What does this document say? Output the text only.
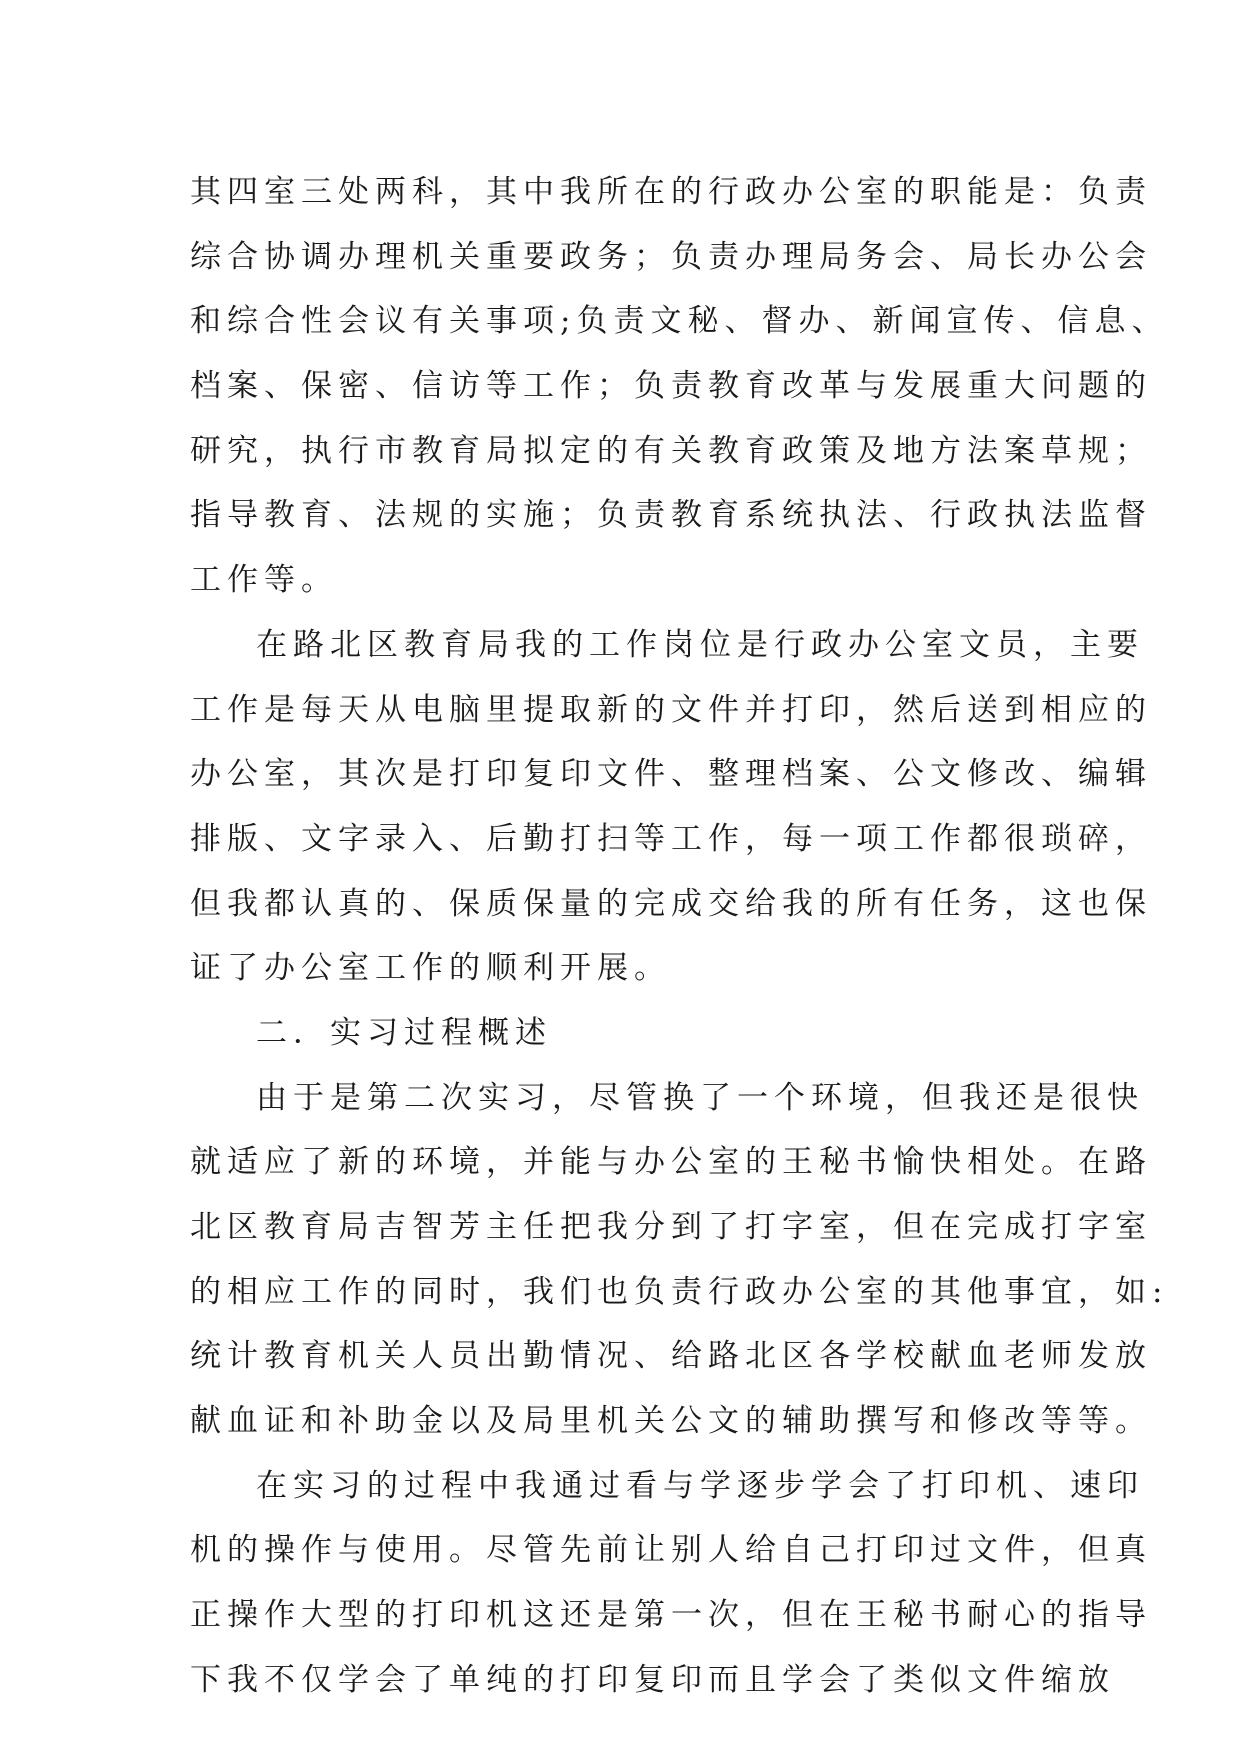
其四室三处两科，其中我所在的行政办公室的职能是：负责
综合协调办理机关重要政务；负责办理局务会、局长办公会
和综合性会议有关事项;负责文秘、督办、新闻宣传、信息、
档案、保密、信访等工作；负责教育改革与发展重大问题的
研究，执行市教育局拟定的有关教育政策及地方法案草规；
指导教育、法规的实施；负责教育系统执法、行政执法监督
工作等。
在路北区教育局我的工作岗位是行政办公室文员，主要
工作是每天从电脑里提取新的文件并打印，然后送到相应的
办公室，其次是打印复印文件、整理档案、公文修改、编辑
排版、文字录入、后勤打扫等工作，每一项工作都很琐碎，
但我都认真的、保质保量的完成交给我的所有任务，这也保
证了办公室工作的顺利开展。
二．实习过程概述
由于是第二次实习，尽管换了一个环境，但我还是很快
就适应了新的环境，并能与办公室的王秘书愉快相处。在路
北区教育局吉智芳主任把我分到了打字室，但在完成打字室
的相应工作的同时，我们也负责行政办公室的其他事宜，如:
统计教育机关人员出勤情况、给路北区各学校献血老师发放
献血证和补助金以及局里机关公文的辅助撰写和修改等等。
在实习的过程中我通过看与学逐步学会了打印机、速印
机的操作与使用。尽管先前让别人给自己打印过文件，但真
正操作大型的打印机这还是第一次，但在王秘书耐心的指导
下我不仅学会了单纯的打印复印而且学会了类似文件缩放
